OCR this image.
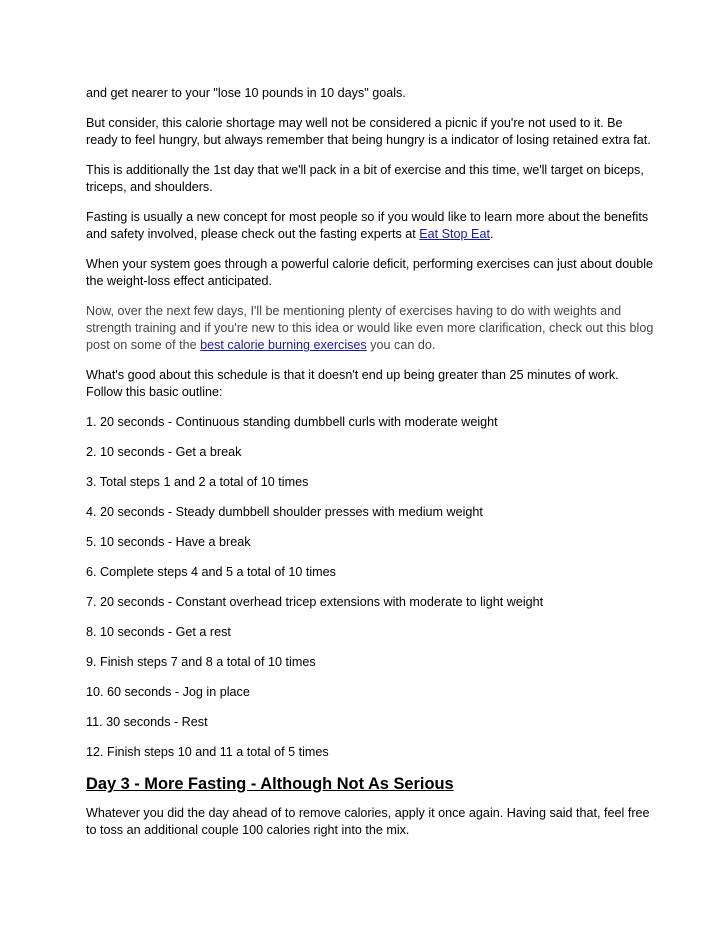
and get nearer to your "lose 10 pounds in 10 days" goals.

But consider, this calorie shortage may well not be considered a picnic if you're not used to it. Be ready to feel hungry, but always remember that being hungry is a indicator of losing retained extra fat.

This is additionally the 1st day that we'll pack in a bit of exercise and this time, we'll target on biceps, triceps, and shoulders.

Fasting is usually a new concept for most people so if you would like to learn more about the benefits and safety involved, please check out the fasting experts at Eat Stop Eat.

When your system goes through a powerful calorie deficit, performing exercises can just about double the weight-loss effect anticipated.

Now, over the next few days, I'll be mentioning plenty of exercises having to do with weights and strength training and if you're new to this idea or would like even more clarification, check out this blog post on some of the best calorie burning exercises you can do.

What's good about this schedule is that it doesn't end up being greater than 25 minutes of work. Follow this basic outline:

1. 20 seconds - Continuous standing dumbbell curls with moderate weight

2. 10 seconds - Get a break

3. Total steps 1 and 2 a total of 10 times

4. 20 seconds - Steady dumbbell shoulder presses with medium weight

5. 10 seconds - Have a break

6. Complete steps 4 and 5 a total of 10 times

7. 20 seconds - Constant overhead tricep extensions with moderate to light weight

8. 10 seconds - Get a rest

9. Finish steps 7 and 8 a total of 10 times

10. 60 seconds - Jog in place

11. 30 seconds - Rest

12. Finish steps 10 and 11 a total of 5 times

Day 3 - More Fasting - Although Not As Serious

Whatever you did the day ahead of to remove calories, apply it once again. Having said that, feel free to toss an additional couple 100 calories right into the mix.
